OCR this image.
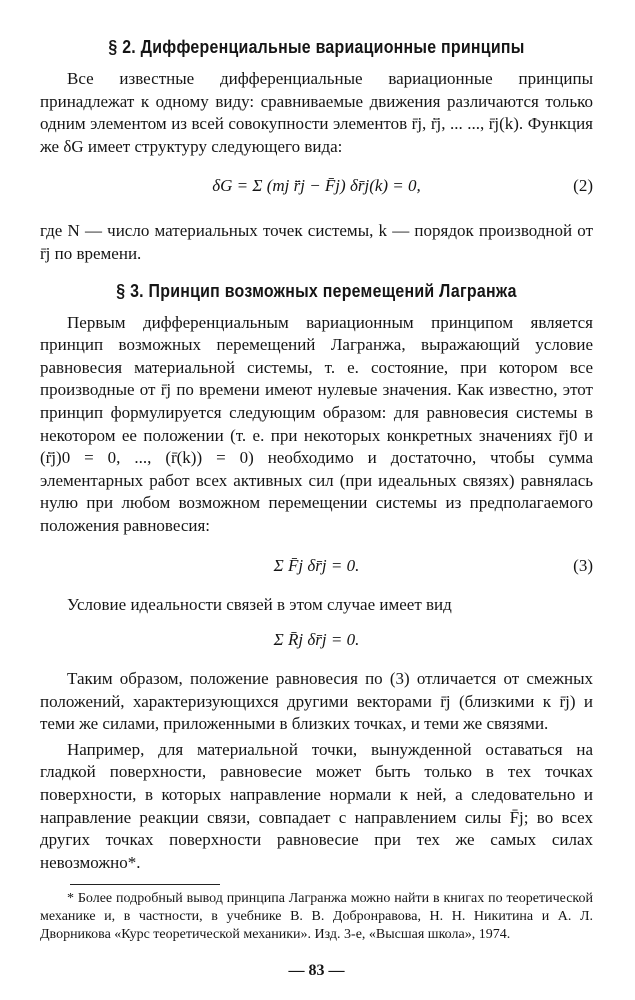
§ 2. Дифференциальные вариационные принципы

Все известные дифференциальные вариационные принципы принадлежат к одному виду: сравниваемые движения различаются только одним элементом из всей совокупности элементов r̄j, ṙ̄j, ... ..., r̄j(k). Функция же δG имеет структуру следующего вида:

δG = Σ (mj r̄̈j − F̄j) δr̄j(k) = 0,	(2)

где N — число материальных точек системы, k — порядок производной от r̄j по времени.

§ 3. Принцип возможных перемещений Лагранжа

Первым дифференциальным вариационным принципом является принцип возможных перемещений Лагранжа, выражающий условие равновесия материальной системы, т. е. состояние, при котором все производные от r̄j по времени имеют нулевые значения. Как известно, этот принцип формулируется следующим образом: для равновесия системы в некотором ее положении (т. е. при некоторых конкретных значениях r̄j0 и (ṙ̄j)0 = 0, ..., (r̄(k)) = 0) необходимо и достаточно, чтобы сумма элементарных работ всех активных сил (при идеальных связях) равнялась нулю при любом возможном перемещении системы из предполагаемого положения равновесия:

Σ F̄j δr̄j = 0.	(3)

Условие идеальности связей в этом случае имеет вид

Σ R̄j δr̄j = 0.

Таким образом, положение равновесия по (3) отличается от смежных положений, характеризующихся другими векторами r̄j (близкими к r̄j) и теми же силами, приложенными в близких точках, и теми же связями.

Например, для материальной точки, вынужденной оставаться на гладкой поверхности, равновесие может быть только в тех точках поверхности, в которых направление нормали к ней, а следовательно и направление реакции связи, совпадает с направлением силы F̄j; во всех других точках поверхности равновесие при тех же самых силах невозможно*.

* Более подробный вывод принципа Лагранжа можно найти в книгах по теоретической механике и, в частности, в учебнике В. В. Добронравова, Н. Н. Никитина и А. Л. Дворникова «Курс теоретической механики». Изд. 3-е, «Высшая школа», 1974.

— 83 —
